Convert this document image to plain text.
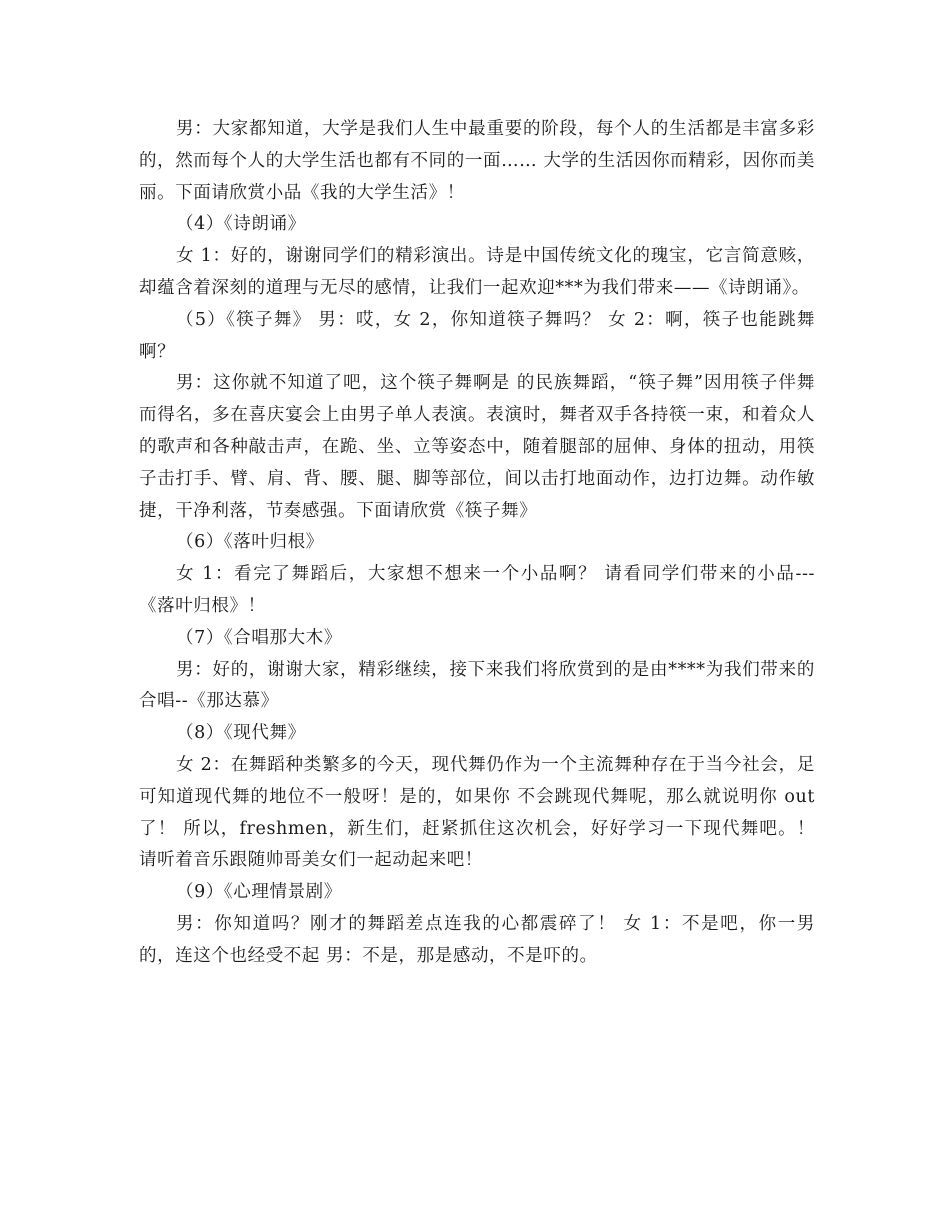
男：大家都知道，大学是我们人生中最重要的阶段，每个人的生活都是丰富多彩的，然而每个人的大学生活也都有不同的一面…… 大学的生活因你而精彩，因你而美丽。下面请欣赏小品《我的大学生活》！

（4）《诗朗诵》

女 1：好的，谢谢同学们的精彩演出。诗是中国传统文化的瑰宝，它言简意赅，却蕴含着深刻的道理与无尽的感情，让我们一起欢迎***为我们带来——《诗朗诵》。

（5）《筷子舞》 男：哎，女 2，你知道筷子舞吗？ 女 2：啊，筷子也能跳舞啊？

男：这你就不知道了吧，这个筷子舞啊是 的民族舞蹈，“筷子舞”因用筷子伴舞而得名，多在喜庆宴会上由男子单人表演。表演时，舞者双手各持筷一束，和着众人的歌声和各种敲击声，在跪、坐、立等姿态中，随着腿部的屈伸、身体的扭动，用筷子击打手、臂、肩、背、腰、腿、脚等部位，间以击打地面动作，边打边舞。动作敏捷，干净利落，节奏感强。下面请欣赏《筷子舞》

（6）《落叶归根》

女 1：看完了舞蹈后，大家想不想来一个小品啊？ 请看同学们带来的小品---《落叶归根》！

（7）《合唱那大木》

男：好的，谢谢大家，精彩继续，接下来我们将欣赏到的是由****为我们带来的合唱--《那达慕》

（8）《现代舞》

女 2：在舞蹈种类繁多的今天，现代舞仍作为一个主流舞种存在于当今社会，足可知道现代舞的地位不一般呀！是的，如果你 不会跳现代舞呢，那么就说明你 out 了！ 所以，freshmen，新生们，赶紧抓住这次机会，好好学习一下现代舞吧。！ 请听着音乐跟随帅哥美女们一起动起来吧！

（9）《心理情景剧》

男：你知道吗？刚才的舞蹈差点连我的心都震碎了！ 女 1：不是吧，你一男的，连这个也经受不起 男：不是，那是感动，不是吓的。
